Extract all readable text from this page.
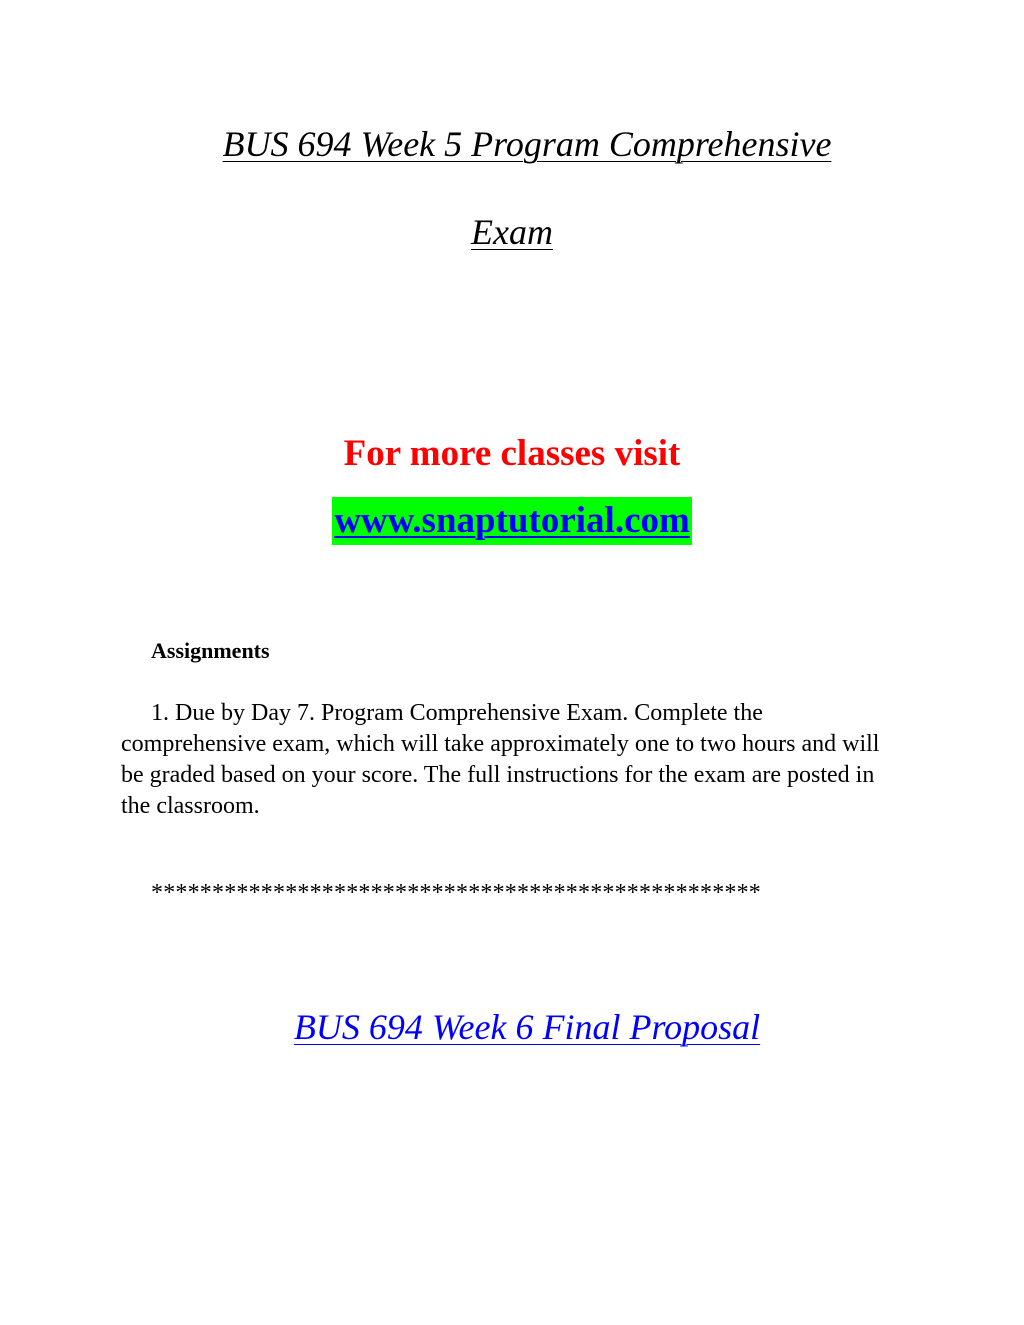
BUS 694 Week 5 Program Comprehensive
Exam
For more classes visit
www.snaptutorial.com
Assignments

1. Due by Day 7. Program Comprehensive Exam. Complete the comprehensive exam, which will take approximately one to two hours and will be graded based on your score. The full instructions for the exam are posted in the classroom.

**************************************************
BUS 694 Week 6 Final Proposal
